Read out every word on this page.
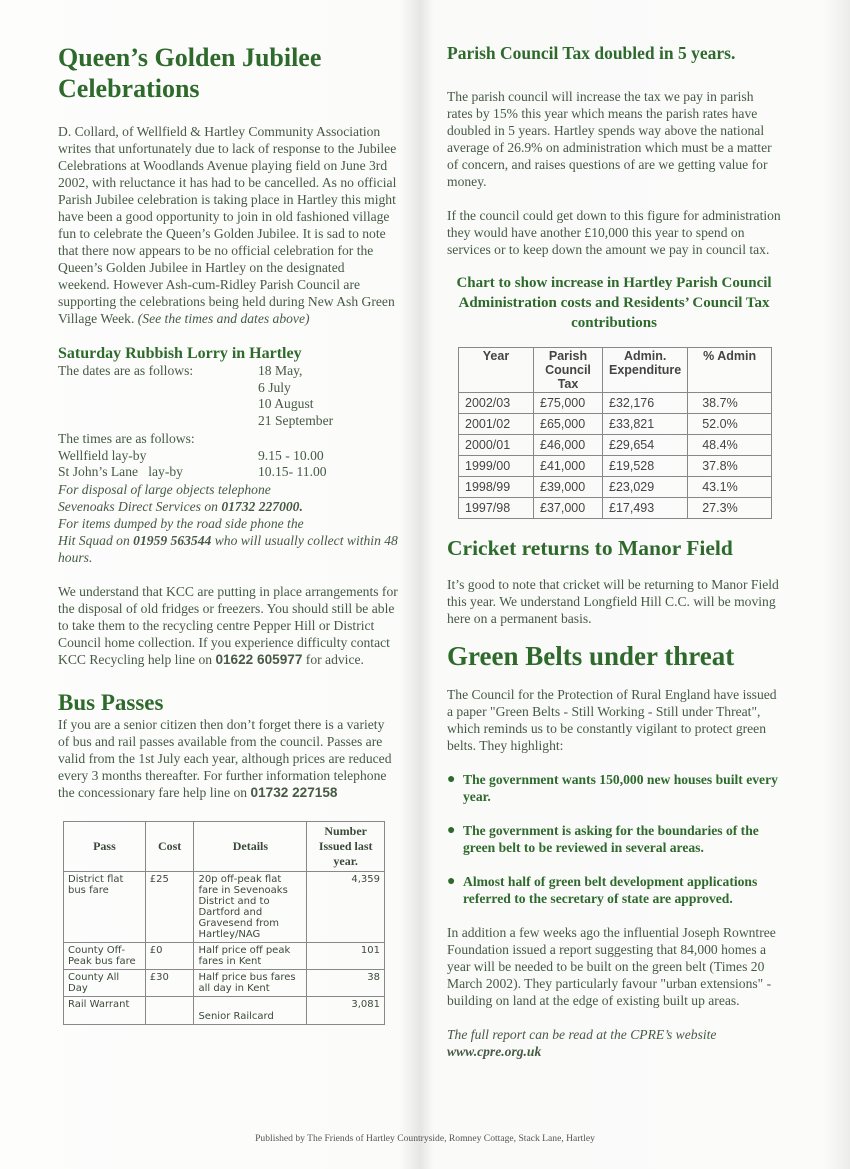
Queen’s Golden Jubilee Celebrations

D. Collard, of Wellfield & Hartley Community Association writes that unfortunately due to lack of response to the Jubilee Celebrations at Woodlands Avenue playing field on June 3rd 2002, with reluctance it has had to be cancelled. As no official Parish Jubilee celebration is taking place in Hartley this might have been a good opportunity to join in old fashioned village fun to celebrate the Queen’s Golden Jubilee. It is sad to note that there now appears to be no official celebration for the Queen’s Golden Jubilee in Hartley on the designated weekend. However Ash-cum-Ridley Parish Council are supporting the celebrations being held during New Ash Green Village Week. (See the times and dates above)

Saturday Rubbish Lorry in Hartley
The dates are as follows:	18 May,
6 July
10 August
21 September
The times are as follows:
Wellfield lay-by	9.15 - 10.00
St John’s Lane   lay-by	10.15- 11.00

For disposal of large objects telephone
Sevenoaks Direct Services on 01732 227000.
For items dumped by the road side phone the
Hit Squad on 01959 563544 who will usually collect within 48 hours.

We understand that KCC are putting in place arrangements for the disposal of old fridges or freezers. You should still be able to take them to the recycling centre Pepper Hill or District Council home collection. If you experience difficulty contact KCC Recycling help line on 01622 605977 for advice.

Bus Passes

If you are a senior citizen then don’t forget there is a variety of bus and rail passes available from the council. Passes are valid from the 1st July each year, although prices are reduced every 3 months thereafter. For further information telephone the concessionary fare help line on 01732 227158

Pass	Cost	Details	Number Issued last year.
District flat bus fare	£25	20p off-peak flat fare in Sevenoaks District and to Dartford and Gravesend from Hartley/NAG	4,359
County Off-Peak bus fare	£0	Half price off peak fares in Kent	101
County All Day	£30	Half price bus fares all day in Kent	38
Rail Warrant		Senior Railcard	3,081
Parish Council Tax doubled in 5 years.

The parish council will increase the tax we pay in parish rates by 15% this year which means the parish rates have doubled in 5 years. Hartley spends way above the national average of 26.9% on administration which must be a matter of concern, and raises questions of are we getting value for money.

If the council could get down to this figure for administration they would have another £10,000 this year to spend on services or to keep down the amount we pay in council tax.

Chart to show increase in Hartley Parish Council Administration costs and Residents’ Council Tax contributions
Year	Parish Council Tax	Admin. Expenditure	% Admin
2002/03	£75,000	£32,176	38.7%
2001/02	£65,000	£33,821	52.0%
2000/01	£46,000	£29,654	48.4%
1999/00	£41,000	£19,528	37.8%
1998/99	£39,000	£23,029	43.1%
1997/98	£37,000	£17,493	27.3%
Cricket returns to Manor Field

It’s good to note that cricket will be returning to Manor Field this year. We understand Longfield Hill C.C. will be moving here on a permanent basis.

Green Belts under threat

The Council for the Protection of Rural England have issued a paper "Green Belts - Still Working - Still under Threat", which reminds us to be constantly vigilant to protect green belts. They highlight:

● The government wants 150,000 new houses built every year.
● The government is asking for the boundaries of the green belt to be reviewed in several areas.
● Almost half of green belt development applications referred to the secretary of state are approved.

In addition a few weeks ago the influential Joseph Rowntree Foundation issued a report suggesting that 84,000 homes a year will be needed to be built on the green belt (Times 20 March 2002). They particularly favour "urban extensions" - building on land at the edge of existing built up areas.

The full report can be read at the CPRE’s website
www.cpre.org.uk

Published by The Friends of Hartley Countryside, Romney Cottage, Stack Lane, Hartley
